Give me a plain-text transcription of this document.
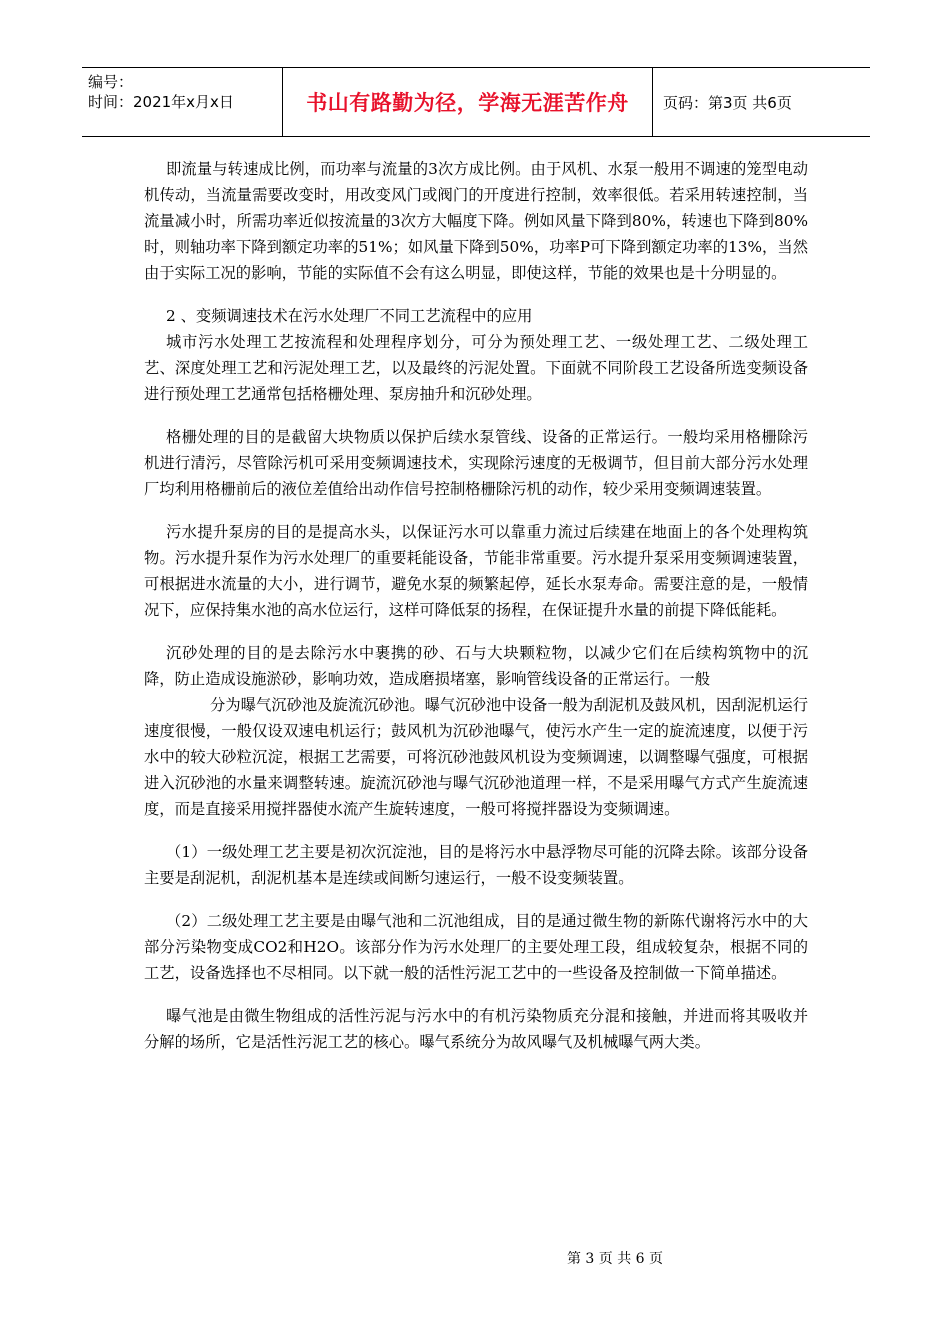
编号：
时间：2021年x月x日	书山有路勤为径，学海无涯苦作舟	页码：第3页 共6页

即流量与转速成比例，而功率与流量的3次方成比例。由于风机、水泵一般用不调速的笼型电动机传动，当流量需要改变时，用改变风门或阀门的开度进行控制，效率很低。若采用转速控制，当流量减小时，所需功率近似按流量的3次方大幅度下降。例如风量下降到80%，转速也下降到80%时，则轴功率下降到额定功率的51%；如风量下降到50%，功率P可下降到额定功率的13%，当然由于实际工况的影响，节能的实际值不会有这么明显，即使这样，节能的效果也是十分明显的。

2 、变频调速技术在污水处理厂不同工艺流程中的应用

城市污水处理工艺按流程和处理程序划分，可分为预处理工艺、一级处理工艺、二级处理工艺、深度处理工艺和污泥处理工艺，以及最终的污泥处置。下面就不同阶段工艺设备所选变频设备进行预处理工艺通常包括格栅处理、泵房抽升和沉砂处理。

格栅处理的目的是截留大块物质以保护后续水泵管线、设备的正常运行。一般均采用格栅除污机进行清污，尽管除污机可采用变频调速技术，实现除污速度的无极调节，但目前大部分污水处理厂均利用格栅前后的液位差值给出动作信号控制格栅除污机的动作，较少采用变频调速装置。

污水提升泵房的目的是提高水头，以保证污水可以靠重力流过后续建在地面上的各个处理构筑物。污水提升泵作为污水处理厂的重要耗能设备，节能非常重要。污水提升泵采用变频调速装置，可根据进水流量的大小，进行调节，避免水泵的频繁起停，延长水泵寿命。需要注意的是，一般情况下，应保持集水池的高水位运行，这样可降低泵的扬程，在保证提升水量的前提下降低能耗。

沉砂处理的目的是去除污水中裹携的砂、石与大块颗粒物，以减少它们在后续构筑物中的沉降，防止造成设施淤砂，影响功效，造成磨损堵塞，影响管线设备的正常运行。一般

分为曝气沉砂池及旋流沉砂池。曝气沉砂池中设备一般为刮泥机及鼓风机，因刮泥机运行速度很慢，一般仅设双速电机运行；鼓风机为沉砂池曝气，使污水产生一定的旋流速度，以便于污水中的较大砂粒沉淀，根据工艺需要，可将沉砂池鼓风机设为变频调速，以调整曝气强度，可根据进入沉砂池的水量来调整转速。旋流沉砂池与曝气沉砂池道理一样，不是采用曝气方式产生旋流速度，而是直接采用搅拌器使水流产生旋转速度，一般可将搅拌器设为变频调速。

（1）一级处理工艺主要是初次沉淀池，目的是将污水中悬浮物尽可能的沉降去除。该部分设备主要是刮泥机，刮泥机基本是连续或间断匀速运行，一般不设变频装置。

（2）二级处理工艺主要是由曝气池和二沉池组成，目的是通过微生物的新陈代谢将污水中的大部分污染物变成CO2和H2O。该部分作为污水处理厂的主要处理工段，组成较复杂，根据不同的工艺，设备选择也不尽相同。以下就一般的活性污泥工艺中的一些设备及控制做一下简单描述。

曝气池是由微生物组成的活性污泥与污水中的有机污染物质充分混和接触，并进而将其吸收并分解的场所，它是活性污泥工艺的核心。曝气系统分为故风曝气及机械曝气两大类。

第 3 页 共 6 页
